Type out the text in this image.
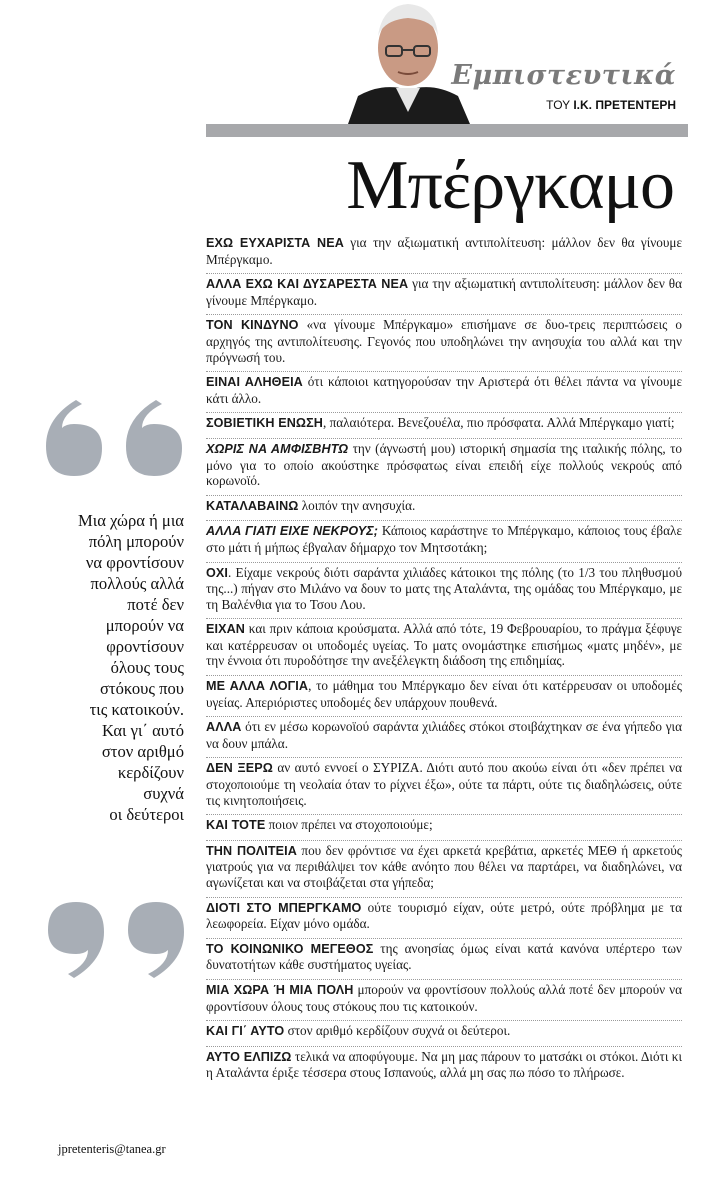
Εμπιστευτικά
ΤΟΥ Ι.Κ. ΠΡΕΤΕΝΤΕΡΗ
Μπέργκαμο
Μια χώρα ή μια
πόλη μπορούν
να φροντίσουν
πολλούς αλλά
ποτέ δεν
μπορούν να
φροντίσουν
όλους τους
στόκους που
τις κατοικούν.
Και γι΄ αυτό
στον αριθμό
κερδίζουν
συχνά
οι δεύτεροι
jpretenteris@tanea.gr

ΕΧΩ ΕΥΧΑΡΙΣΤΑ ΝΕΑ για την αξιωματική αντιπολίτευση: μάλλον δεν θα γίνουμε Μπέργκαμο.

ΑΛΛΑ ΕΧΩ ΚΑΙ ΔΥΣΑΡΕΣΤΑ ΝΕΑ για την αξιωματική αντιπολίτευση: μάλλον δεν θα γίνουμε Μπέργκαμο.

ΤΟΝ ΚΙΝΔΥΝΟ «να γίνουμε Μπέργκαμο» επισήμανε σε δυο-τρεις περιπτώσεις ο αρχηγός της αντιπολίτευσης. Γεγονός που υποδηλώνει την ανησυχία του αλλά και την πρόγνωσή του.

ΕΙΝΑΙ ΑΛΗΘΕΙΑ ότι κάποιοι κατηγορούσαν την Αριστερά ότι θέλει πάντα να γίνουμε κάτι άλλο.

ΣΟΒΙΕΤΙΚΗ ΕΝΩΣΗ, παλαιότερα. Βενεζουέλα, πιο πρόσφατα. Αλλά Μπέργκαμο γιατί;

ΧΩΡΙΣ ΝΑ ΑΜΦΙΣΒΗΤΩ την (άγνωστή μου) ιστορική σημασία της ιταλικής πόλης, το μόνο για το οποίο ακούστηκε πρόσφατως είναι επειδή είχε πολλούς νεκρούς από κορωνοϊό.

ΚΑΤΑΛΑΒΑΙΝΩ λοιπόν την ανησυχία.

ΑΛΛΑ ΓΙΑΤΙ ΕΙΧΕ ΝΕΚΡΟΥΣ; Κάποιος καράστηνε το Μπέργκαμο, κάποιος τους έβαλε στο μάτι ή μήπως έβγαλαν δήμαρχο τον Μητσοτάκη;

ΟΧΙ. Είχαμε νεκρούς διότι σαράντα χιλιάδες κάτοικοι της πόλης (το 1/3 του πληθυσμού της...) πήγαν στο Μιλάνο να δουν το ματς της Αταλάντα, της ομάδας του Μπέργκαμο, με τη Βαλένθια για το Τσου Λου.

ΕΙΧΑΝ και πριν κάποια κρούσματα. Αλλά από τότε, 19 Φεβρουαρίου, το πράγμα ξέφυγε και κατέρρευσαν οι υποδομές υγείας. Το ματς ονομάστηκε επισήμως «ματς μηδέν», με την έννοια ότι πυροδότησε την ανεξέλεγκτη διάδοση της επιδημίας.

ΜΕ ΑΛΛΑ ΛΟΓΙΑ, το μάθημα του Μπέργκαμο δεν είναι ότι κατέρρευσαν οι υποδομές υγείας. Απεριόριστες υποδομές δεν υπάρχουν πουθενά.

ΑΛΛΑ ότι εν μέσω κορωνοϊού σαράντα χιλιάδες στόκοι στοιβάχτηκαν σε ένα γήπεδο για να δουν μπάλα.

ΔΕΝ ΞΕΡΩ αν αυτό εννοεί ο ΣΥΡΙΖΑ. Διότι αυτό που ακούω είναι ότι «δεν πρέπει να στοχοποιούμε τη νεολαία όταν το ρίχνει έξω», ούτε τα πάρτι, ούτε τις διαδηλώσεις, ούτε τις κινητοποιήσεις.

ΚΑΙ ΤΟΤΕ ποιον πρέπει να στοχοποιούμε;

ΤΗΝ ΠΟΛΙΤΕΙΑ που δεν φρόντισε να έχει αρκετά κρεβάτια, αρκετές ΜΕΘ ή αρκετούς γιατρούς για να περιθάλψει τον κάθε ανόητο που θέλει να παρτάρει, να διαδηλώνει, να αγωνίζεται και να στοιβάζεται στα γήπεδα;

ΔΙΟΤΙ ΣΤΟ ΜΠΕΡΓΚΑΜΟ ούτε τουρισμό είχαν, ούτε μετρό, ούτε πρόβλημα με τα λεωφορεία. Είχαν μόνο ομάδα.

ΤΟ ΚΟΙΝΩΝΙΚΟ ΜΕΓΕΘΟΣ της ανοησίας όμως είναι κατά κανόνα υπέρτερο των δυνατοτήτων κάθε συστήματος υγείας.

ΜΙΑ ΧΩΡΑ Ή ΜΙΑ ΠΟΛΗ μπορούν να φροντίσουν πολλούς αλλά ποτέ δεν μπορούν να φροντίσουν όλους τους στόκους που τις κατοικούν.

ΚΑΙ ΓΙ΄ ΑΥΤΟ στον αριθμό κερδίζουν συχνά οι δεύτεροι.

ΑΥΤΟ ΕΛΠΙΖΩ τελικά να αποφύγουμε. Να μη μας πάρουν το ματσάκι οι στόκοι. Διότι κι η Αταλάντα έριξε τέσσερα στους Ισπανούς, αλλά μη σας πω πόσο το πλήρωσε.
